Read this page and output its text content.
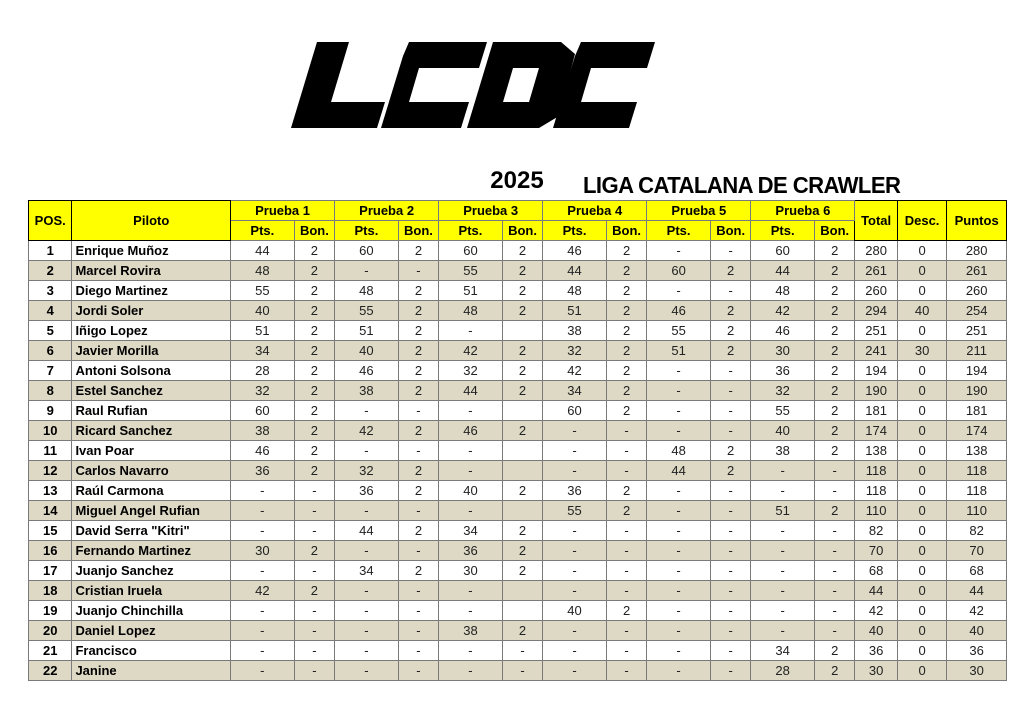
LIGA CATALANA DE CRAWLER
2025
POS.	Piloto	Prueba 1		Prueba 2		Prueba 3		Prueba 4		Prueba 5		Prueba 6		Total	Desc.	Puntos
		Pts.	Bon.	Pts.	Bon.	Pts.	Bon.	Pts.	Bon.	Pts.	Bon.	Pts.	Bon.			
1	Enrique Muñoz	44	2	60	2	60	2	46	2	-	-	60	2	280	0	280
2	Marcel Rovira	48	2	-	-	55	2	44	2	60	2	44	2	261	0	261
3	Diego Martinez	55	2	48	2	51	2	48	2	-	-	48	2	260	0	260
4	Jordi Soler	40	2	55	2	48	2	51	2	46	2	42	2	294	40	254
5	Iñigo Lopez	51	2	51	2	-		38	2	55	2	46	2	251	0	251
6	Javier Morilla	34	2	40	2	42	2	32	2	51	2	30	2	241	30	211
7	Antoni Solsona	28	2	46	2	32	2	42	2	-	-	36	2	194	0	194
8	Estel Sanchez	32	2	38	2	44	2	34	2	-	-	32	2	190	0	190
9	Raul Rufian	60	2	-	-	-		60	2	-	-	55	2	181	0	181
10	Ricard Sanchez	38	2	42	2	46	2	-	-	-	-	40	2	174	0	174
11	Ivan Poar	46	2	-	-	-		-	-	48	2	38	2	138	0	138
12	Carlos Navarro	36	2	32	2	-		-	-	44	2	-	-	118	0	118
13	Raúl Carmona	-	-	36	2	40	2	36	2	-	-	-	-	118	0	118
14	Miguel Angel Rufian	-	-	-	-	-		55	2	-	-	51	2	110	0	110
15	David Serra "Kitri"	-	-	44	2	34	2	-	-	-	-	-	-	82	0	82
16	Fernando Martinez	30	2	-	-	36	2	-	-	-	-	-	-	70	0	70
17	Juanjo Sanchez	-	-	34	2	30	2	-	-	-	-	-	-	68	0	68
18	Cristian Iruela	42	2	-	-	-		-	-	-	-	-	-	44	0	44
19	Juanjo Chinchilla	-	-	-	-	-		40	2	-	-	-	-	42	0	42
20	Daniel Lopez	-	-	-	-	38	2	-	-	-	-	-	-	40	0	40
21	Francisco	-	-	-	-	-	-	-	-	-	-	34	2	36	0	36
22	Janine	-	-	-	-	-	-	-	-	-	-	28	2	30	0	30
